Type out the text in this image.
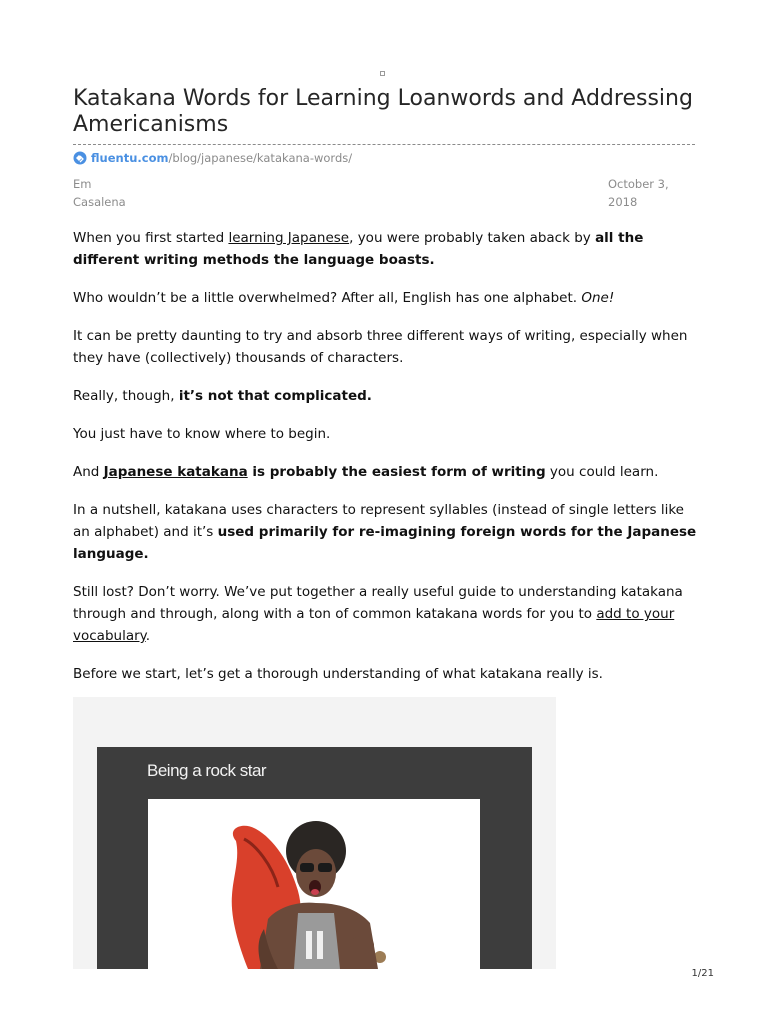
Katakana Words for Learning Loanwords and Addressing Americanisms
fluentu.com /blog/japanese/katakana-words/
Em
Casalena
October 3,
2018

When you first started learning Japanese, you were probably taken aback by all the different writing methods the language boasts.

Who wouldn’t be a little overwhelmed? After all, English has one alphabet. One!

It can be pretty daunting to try and absorb three different ways of writing, especially when they have (collectively) thousands of characters.

Really, though, it’s not that complicated.

You just have to know where to begin.

And Japanese katakana is probably the easiest form of writing you could learn.

In a nutshell, katakana uses characters to represent syllables (instead of single letters like an alphabet) and it’s used primarily for re-imagining foreign words for the Japanese language.

Still lost? Don’t worry. We’ve put together a really useful guide to understanding katakana through and through, along with a ton of common katakana words for you to add to your vocabulary.

Before we start, let’s get a thorough understanding of what katakana really is.

Being a rock star
1/21
